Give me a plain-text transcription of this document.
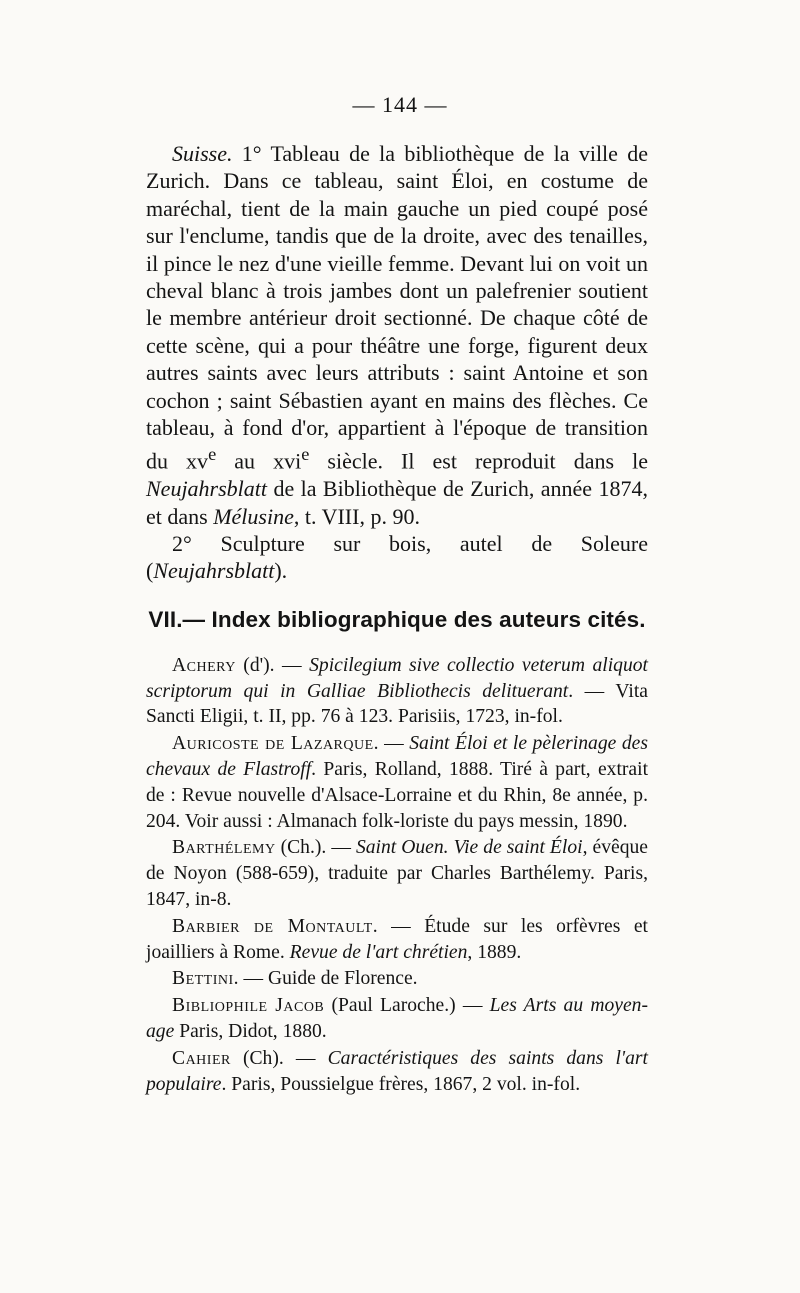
— 144 —

Suisse. 1° Tableau de la bibliothèque de la ville de Zurich. Dans ce tableau, saint Éloi, en costume de maréchal, tient de la main gauche un pied coupé posé sur l'enclume, tandis que de la droite, avec des tenailles, il pince le nez d'une vieille femme. Devant lui on voit un cheval blanc à trois jambes dont un palefrenier soutient le membre antérieur droit sectionné. De chaque côté de cette scène, qui a pour théâtre une forge, figurent deux autres saints avec leurs attributs : saint Antoine et son cochon ; saint Sébastien ayant en mains des flèches. Ce tableau, à fond d'or, appartient à l'époque de transition du $xv^e$ au xvi$^e$ siècle. Il est reproduit dans le Neujahrsblatt de la Bibliothèque de Zurich, année 1874, et dans Mélusine, t. VIII, p. 90.

2° Sculpture sur bois, autel de Soleure (Neujahrsblatt).

VII.— Index bibliographique des auteurs cités.

Achery (d'). — Spicilegium sive collectio veterum aliquot scriptorum qui in Galliae Bibliothecis delituerant. — Vita Sancti Eligii, t. II, pp. 76 à 123. Parisiis, 1723, in-fol.

Auricoste de Lazarque. — Saint Éloi et le pèlerinage des chevaux de Flastroff. Paris, Rolland, 1888. Tiré à part, extrait de : Revue nouvelle d'Alsace-Lorraine et du Rhin, 8e année, p. 204. Voir aussi : Almanach folk-loriste du pays messin, 1890.

Barthélemy (Ch.). — Saint Ouen. Vie de saint Éloi, évêque de Noyon (588-659), traduite par Charles Barthélemy. Paris, 1847, in-8.

Barbier de Montault. — Étude sur les orfèvres et joailliers à Rome. Revue de l'art chrétien, 1889.

Bettini. — Guide de Florence.

Bibliophile Jacob (Paul Laroche.) — Les Arts au moyen-age Paris, Didot, 1880.

Cahier (Ch). — Caractéristiques des saints dans l'art populaire. Paris, Poussielgue frères, 1867, 2 vol. in-fol.
